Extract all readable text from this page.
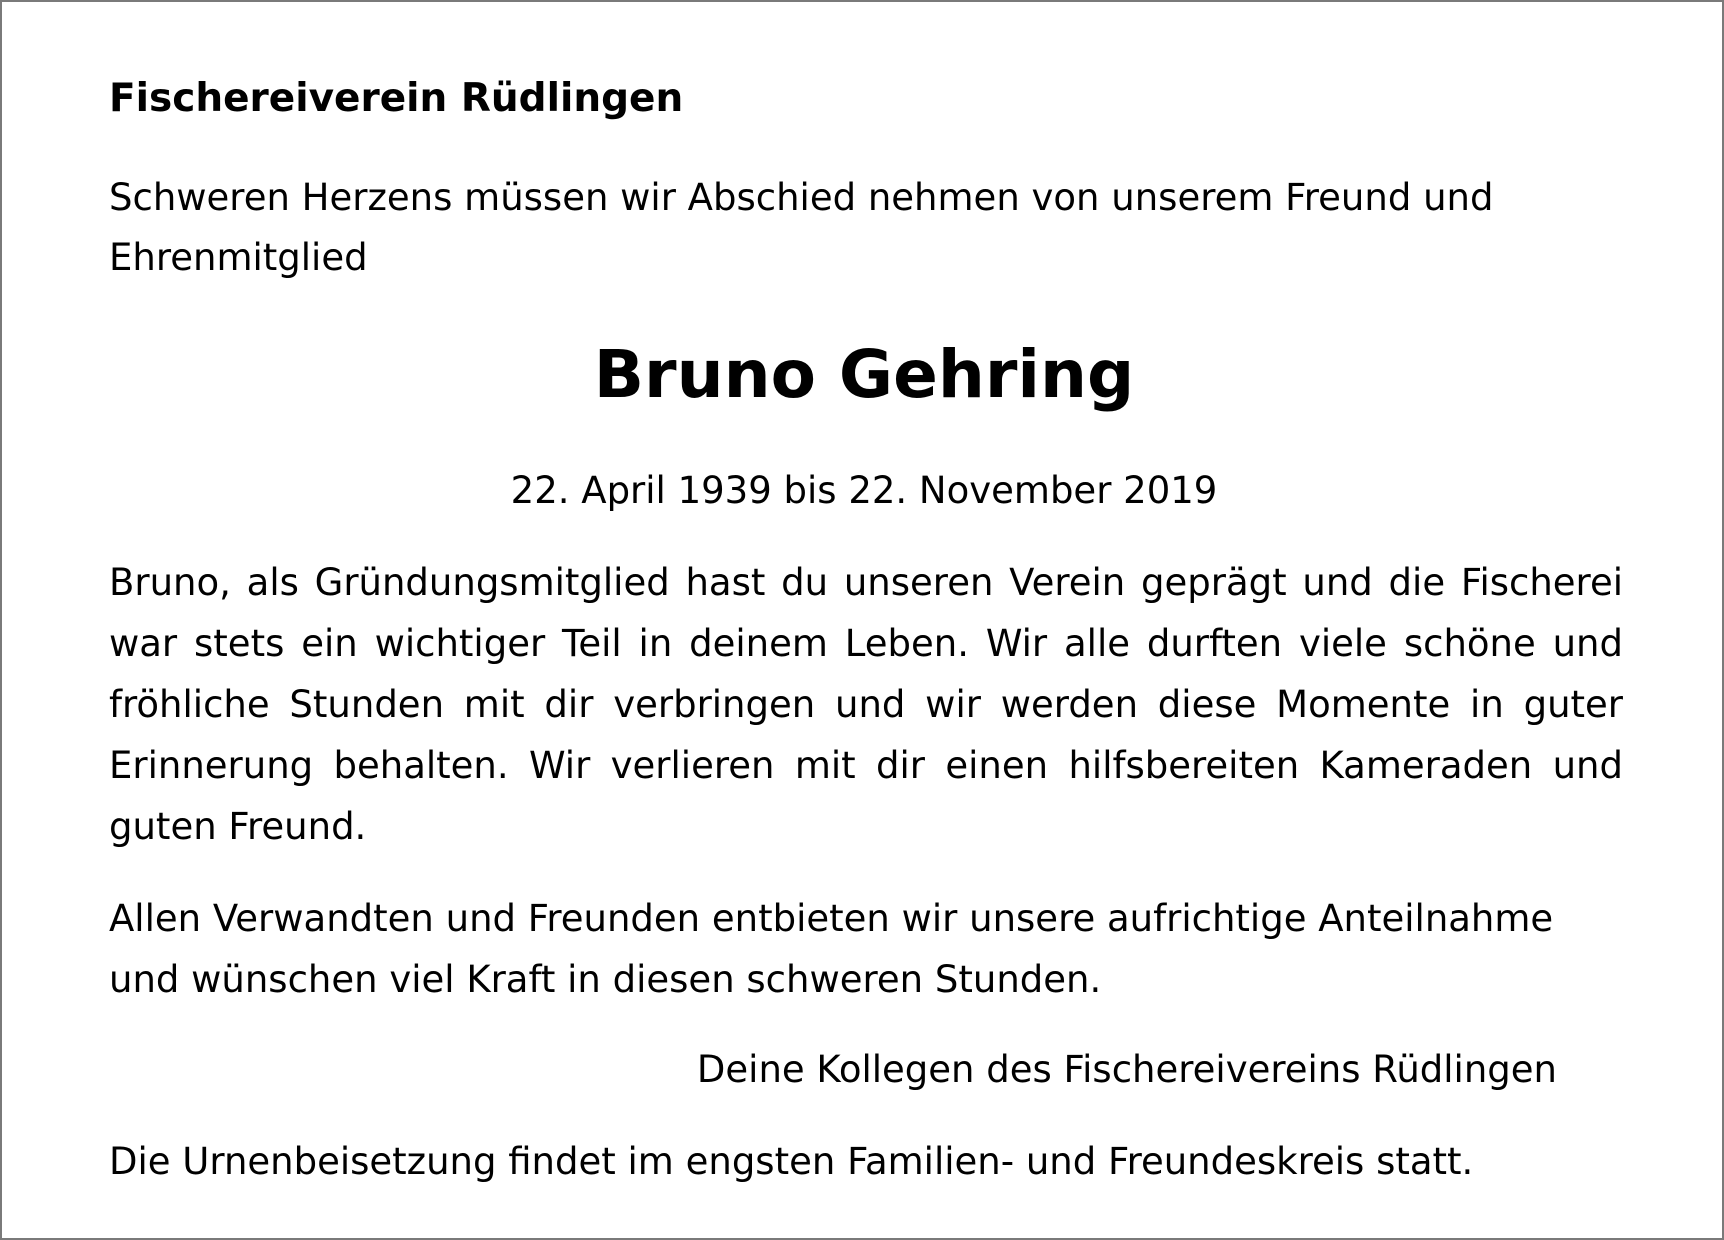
Fischereiverein Rüdlingen

Schweren Herzens müssen wir Abschied nehmen von unserem Freund und Ehrenmitglied

Bruno Gehring

22. April 1939 bis 22. November 2019

Bruno, als Gründungsmitglied hast du unseren Verein geprägt und die Fischerei war stets ein wichtiger Teil in deinem Leben. Wir alle durften viele schöne und fröhliche Stunden mit dir verbringen und wir werden diese Momente in guter Erinnerung behalten. Wir verlieren mit dir einen hilfsbereiten Kameraden und guten Freund.

Allen Verwandten und Freunden entbieten wir unsere aufrichtige Anteilnahme und wünschen viel Kraft in diesen schweren Stunden.

Deine Kollegen des Fischereivereins Rüdlingen

Die Urnenbeisetzung findet im engsten Familien- und Freundeskreis statt.
